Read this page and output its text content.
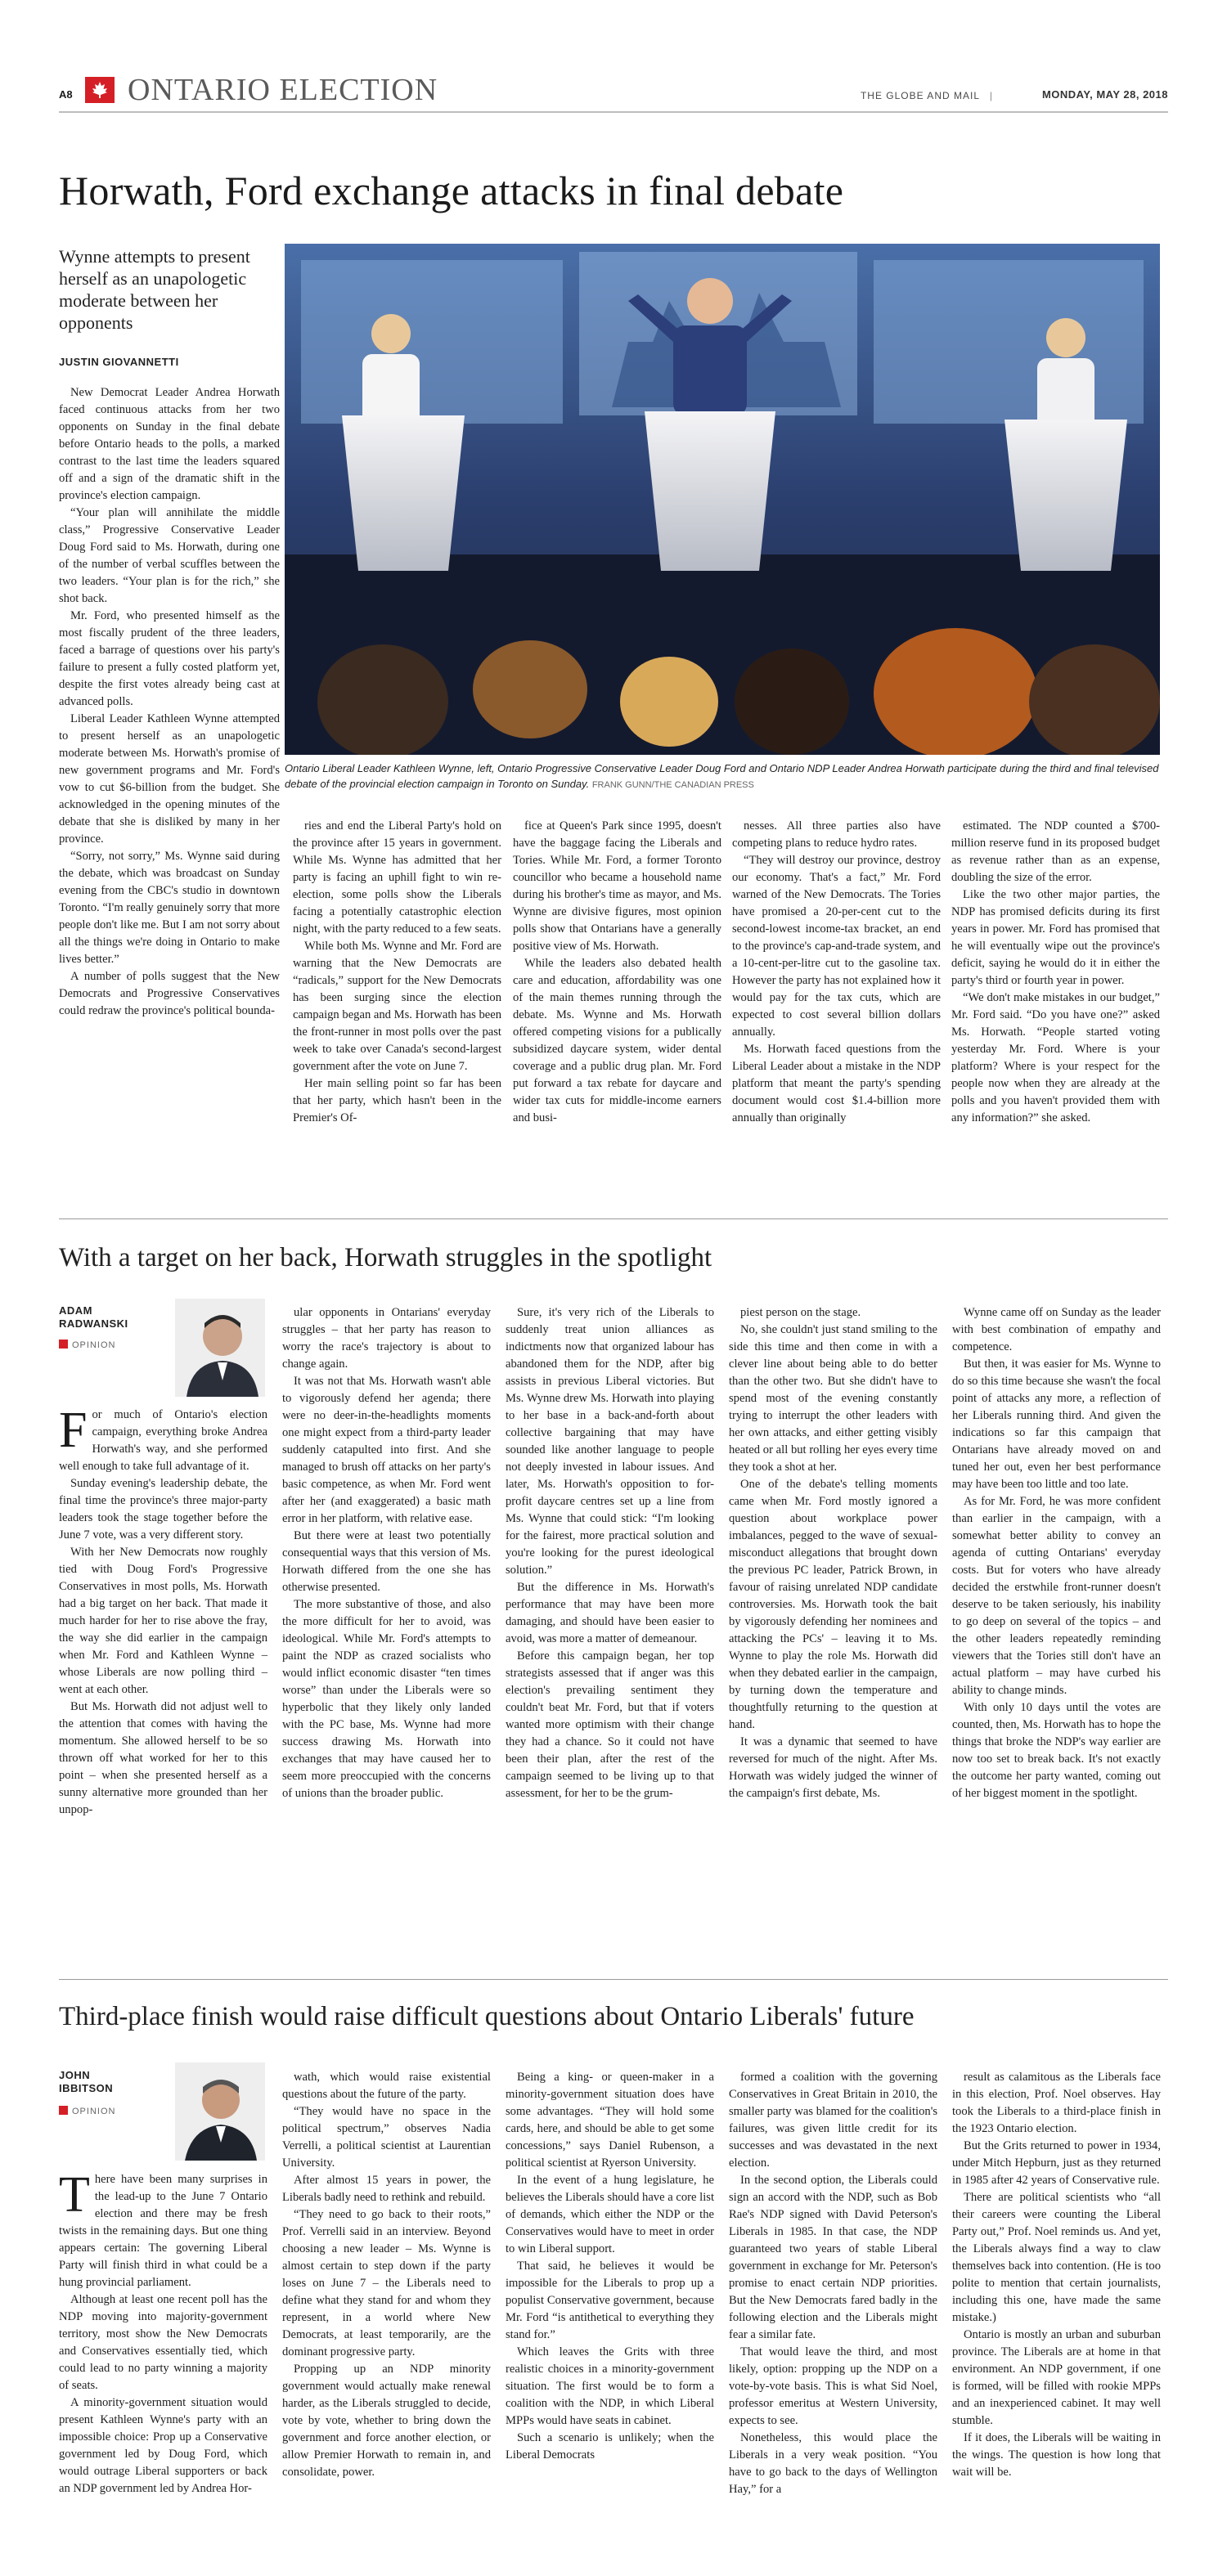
A8 ONTARIO ELECTION	THE GLOBE AND MAIL |	MONDAY, MAY 28, 2018
Horwath, Ford exchange attacks in final debate
Wynne attempts to present herself as an unapologetic moderate between her opponents
JUSTIN GIOVANNETTI
Ontario Liberal Leader Kathleen Wynne, left, Ontario Progressive Conservative Leader Doug Ford and Ontario NDP Leader Andrea Horwath participate during the third and final televised debate of the provincial election campaign in Toronto on Sunday. FRANK GUNN/THE CANADIAN PRESS

New Democrat Leader Andrea Horwath faced continuous attacks from her two opponents on Sunday in the final debate before Ontario heads to the polls, a marked contrast to the last time the leaders squared off and a sign of the dramatic shift in the province's election campaign.

“Your plan will annihilate the middle class,” Progressive Conservative Leader Doug Ford said to Ms. Horwath, during one of the number of verbal scuffles between the two leaders. “Your plan is for the rich,” she shot back.

Mr. Ford, who presented himself as the most fiscally prudent of the three leaders, faced a barrage of questions over his party's failure to present a fully costed platform yet, despite the first votes already being cast at advanced polls.

Liberal Leader Kathleen Wynne attempted to present herself as an unapologetic moderate between Ms. Horwath's promise of new government programs and Mr. Ford's vow to cut $6-billion from the budget. She acknowledged in the opening minutes of the debate that she is disliked by many in her province.

“Sorry, not sorry,” Ms. Wynne said during the debate, which was broadcast on Sunday evening from the CBC's studio in downtown Toronto. “I'm really genuinely sorry that more people don't like me. But I am not sorry about all the things we're doing in Ontario to make lives better.”

A number of polls suggest that the New Democrats and Progressive Conservatives could redraw the province's political bounda-

ries and end the Liberal Party's hold on the province after 15 years in government. While Ms. Wynne has admitted that her party is facing an uphill fight to win re-election, some polls show the Liberals facing a potentially catastrophic election night, with the party reduced to a few seats.

While both Ms. Wynne and Mr. Ford are warning that the New Democrats are “radicals,” support for the New Democrats has been surging since the election campaign began and Ms. Horwath has been the front-runner in most polls over the past week to take over Canada's second-largest government after the vote on June 7.

Her main selling point so far has been that her party, which hasn't been in the Premier's Of-

fice at Queen's Park since 1995, doesn't have the baggage facing the Liberals and Tories. While Mr. Ford, a former Toronto councillor who became a household name during his brother's time as mayor, and Ms. Wynne are divisive figures, most opinion polls show that Ontarians have a generally positive view of Ms. Horwath.

While the leaders also debated health care and education, affordability was one of the main themes running through the debate. Ms. Wynne and Ms. Horwath offered competing visions for a publically subsidized daycare system, wider dental coverage and a public drug plan. Mr. Ford put forward a tax rebate for daycare and wider tax cuts for middle-income earners and busi-

nesses. All three parties also have competing plans to reduce hydro rates.

“They will destroy our province, destroy our economy. That's a fact,” Mr. Ford warned of the New Democrats. The Tories have promised a 20-per-cent cut to the second-lowest income-tax bracket, an end to the province's cap-and-trade system, and a 10-cent-per-litre cut to the gasoline tax. However the party has not explained how it would pay for the tax cuts, which are expected to cost several billion dollars annually.

Ms. Horwath faced questions from the Liberal Leader about a mistake in the NDP platform that meant the party's spending document would cost $1.4-billion more annually than originally

estimated. The NDP counted a $700-million reserve fund in its proposed budget as revenue rather than as an expense, doubling the size of the error.

Like the two other major parties, the NDP has promised deficits during its first years in power. Mr. Ford has promised that he will eventually wipe out the province's deficit, saying he would do it in either the party's third or fourth year in power.

“We don't make mistakes in our budget,” Mr. Ford said. “Do you have one?” asked Ms. Horwath. “People started voting yesterday Mr. Ford. Where is your platform? Where is your respect for the people now when they are already at the polls and you haven't provided them with any information?” she asked.

With a target on her back, Horwath struggles in the spotlight
ADAM
RADWANSKI
OPINION

For much of Ontario's election campaign, everything broke Andrea Horwath's way, and she performed well enough to take full advantage of it.

Sunday evening's leadership debate, the final time the province's three major-party leaders took the stage together before the June 7 vote, was a very different story.

With her New Democrats now roughly tied with Doug Ford's Progressive Conservatives in most polls, Ms. Horwath had a big target on her back. That made it much harder for her to rise above the fray, the way she did earlier in the campaign when Mr. Ford and Kathleen Wynne – whose Liberals are now polling third – went at each other.

But Ms. Horwath did not adjust well to the attention that comes with having the momentum. She allowed herself to be so thrown off what worked for her to this point – when she presented herself as a sunny alternative more grounded than her unpop-

ular opponents in Ontarians' everyday struggles – that her party has reason to worry the race's trajectory is about to change again.

It was not that Ms. Horwath wasn't able to vigorously defend her agenda; there were no deer-in-the-headlights moments one might expect from a third-party leader suddenly catapulted into first. And she managed to brush off attacks on her party's basic competence, as when Mr. Ford went after her (and exaggerated) a basic math error in her platform, with relative ease.

But there were at least two potentially consequential ways that this version of Ms. Horwath differed from the one she has otherwise presented.

The more substantive of those, and also the more difficult for her to avoid, was ideological. While Mr. Ford's attempts to paint the NDP as crazed socialists who would inflict economic disaster “ten times worse” than under the Liberals were so hyperbolic that they likely only landed with the PC base, Ms. Wynne had more success drawing Ms. Horwath into exchanges that may have caused her to seem more preoccupied with the concerns of unions than the broader public.

Sure, it's very rich of the Liberals to suddenly treat union alliances as indictments now that organized labour has abandoned them for the NDP, after big assists in previous Liberal victories. But Ms. Wynne drew Ms. Horwath into playing to her base in a back-and-forth about collective bargaining that may have sounded like another language to people not deeply invested in labour issues. And later, Ms. Horwath's opposition to for-profit daycare centres set up a line from Ms. Wynne that could stick: “I'm looking for the fairest, more practical solution and you're looking for the purest ideological solution.”

But the difference in Ms. Horwath's performance that may have been more damaging, and should have been easier to avoid, was more a matter of demeanour.

Before this campaign began, her top strategists assessed that if anger was this election's prevailing sentiment they couldn't beat Mr. Ford, but that if voters wanted more optimism with their change they had a chance. So it could not have been their plan, after the rest of the campaign seemed to be living up to that assessment, for her to be the grum-

piest person on the stage.

No, she couldn't just stand smiling to the side this time and then come in with a clever line about being able to do better than the other two. But she didn't have to spend most of the evening constantly trying to interrupt the other leaders with her own attacks, and either getting visibly heated or all but rolling her eyes every time they took a shot at her.

One of the debate's telling moments came when Mr. Ford mostly ignored a question about workplace power imbalances, pegged to the wave of sexual-misconduct allegations that brought down the previous PC leader, Patrick Brown, in favour of raising unrelated NDP candidate controversies. Ms. Horwath took the bait by vigorously defending her nominees and attacking the PCs' – leaving it to Ms. Wynne to play the role Ms. Horwath did when they debated earlier in the campaign, by turning down the temperature and thoughtfully returning to the question at hand.

It was a dynamic that seemed to have reversed for much of the night. After Ms. Horwath was widely judged the winner of the campaign's first debate, Ms.

Wynne came off on Sunday as the leader with best combination of empathy and competence.

But then, it was easier for Ms. Wynne to do so this time because she wasn't the focal point of attacks any more, a reflection of her Liberals running third. And given the indications so far this campaign that Ontarians have already moved on and tuned her out, even her best performance may have been too little and too late.

As for Mr. Ford, he was more confident than earlier in the campaign, with a somewhat better ability to convey an agenda of cutting Ontarians' everyday costs. But for voters who have already decided the erstwhile front-runner doesn't deserve to be taken seriously, his inability to go deep on several of the topics – and the other leaders repeatedly reminding viewers that the Tories still don't have an actual platform – may have curbed his ability to change minds.

With only 10 days until the votes are counted, then, Ms. Horwath has to hope the things that broke the NDP's way earlier are now too set to break back. It's not exactly the outcome her party wanted, coming out of her biggest moment in the spotlight.

Third-place finish would raise difficult questions about Ontario Liberals' future
JOHN
IBBITSON
OPINION

There have been many surprises in the lead-up to the June 7 Ontario election and there may be fresh twists in the remaining days. But one thing appears certain: The governing Liberal Party will finish third in what could be a hung provincial parliament.

Although at least one recent poll has the NDP moving into majority-government territory, most show the New Democrats and Conservatives essentially tied, which could lead to no party winning a majority of seats.

A minority-government situation would present Kathleen Wynne's party with an impossible choice: Prop up a Conservative government led by Doug Ford, which would outrage Liberal supporters or back an NDP government led by Andrea Hor-

wath, which would raise existential questions about the future of the party.

“They would have no space in the political spectrum,” observes Nadia Verrelli, a political scientist at Laurentian University.

After almost 15 years in power, the Liberals badly need to rethink and rebuild.

“They need to go back to their roots,” Prof. Verrelli said in an interview. Beyond choosing a new leader – Ms. Wynne is almost certain to step down if the party loses on June 7 – the Liberals need to define what they stand for and whom they represent, in a world where New Democrats, at least temporarily, are the dominant progressive party.

Propping up an NDP minority government would actually make renewal harder, as the Liberals struggled to decide, vote by vote, whether to bring down the government and force another election, or allow Premier Horwath to remain in, and consolidate, power.

Being a king- or queen-maker in a minority-government situation does have some advantages. “They will hold some cards, here, and should be able to get some concessions,” says Daniel Rubenson, a political scientist at Ryerson University.

In the event of a hung legislature, he believes the Liberals should have a core list of demands, which either the NDP or the Conservatives would have to meet in order to win Liberal support.

That said, he believes it would be impossible for the Liberals to prop up a populist Conservative government, because Mr. Ford “is antithetical to everything they stand for.”

Which leaves the Grits with three realistic choices in a minority-government situation. The first would be to form a coalition with the NDP, in which Liberal MPPs would have seats in cabinet.

Such a scenario is unlikely; when the Liberal Democrats

formed a coalition with the governing Conservatives in Great Britain in 2010, the smaller party was blamed for the coalition's failures, was given little credit for its successes and was devastated in the next election.

In the second option, the Liberals could sign an accord with the NDP, such as Bob Rae's NDP signed with David Peterson's Liberals in 1985. In that case, the NDP guaranteed two years of stable Liberal government in exchange for Mr. Peterson's promise to enact certain NDP priorities. But the New Democrats fared badly in the following election and the Liberals might fear a similar fate.

That would leave the third, and most likely, option: propping up the NDP on a vote-by-vote basis. This is what Sid Noel, professor emeritus at Western University, expects to see.

Nonetheless, this would place the Liberals in a very weak position. “You have to go back to the days of Wellington Hay,” for a

result as calamitous as the Liberals face in this election, Prof. Noel observes. Hay took the Liberals to a third-place finish in the 1923 Ontario election.

But the Grits returned to power in 1934, under Mitch Hepburn, just as they returned in 1985 after 42 years of Conservative rule.

There are political scientists who “all their careers were counting the Liberal Party out,” Prof. Noel reminds us. And yet, the Liberals always find a way to claw themselves back into contention. (He is too polite to mention that certain journalists, including this one, have made the same mistake.)

Ontario is mostly an urban and suburban province. The Liberals are at home in that environment. An NDP government, if one is formed, will be filled with rookie MPPs and an inexperienced cabinet. It may well stumble.

If it does, the Liberals will be waiting in the wings. The question is how long that wait will be.
